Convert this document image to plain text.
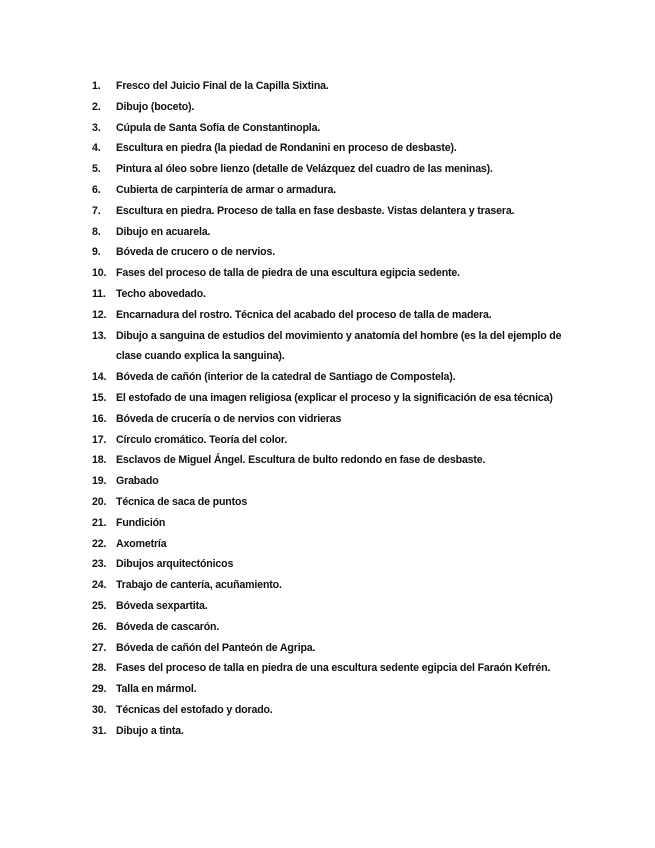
1.	Fresco del Juicio Final de la Capilla Sixtina.
2.	Dibujo (boceto).
3.	Cúpula de Santa Sofía de Constantinopla.
4.	Escultura en piedra (la piedad de Rondanini en proceso de desbaste).
5.	Pintura al óleo sobre lienzo (detalle de Velázquez del cuadro de las meninas).
6.	Cubierta de carpintería de armar o armadura.
7.	Escultura en piedra. Proceso de talla en fase desbaste. Vistas delantera y trasera.
8.	Dibujo en acuarela.
9.	Bóveda de crucero o de nervios.
10. Fases del proceso de talla de piedra de una escultura egipcia sedente.
11. Techo abovedado.
12. Encarnadura del rostro. Técnica del acabado del proceso de talla de madera.
13. Dibujo a sanguina de estudios del movimiento y anatomía del hombre (es la del ejemplo de clase cuando explica la sanguina).
14. Bóveda de cañón (interior de la catedral de Santiago de Compostela).
15. El estofado de una imagen religiosa (explicar el proceso y la significación de esa técnica)
16. Bóveda de crucería o de nervios con vidrieras
17. Círculo cromático. Teoría del color.
18. Esclavos de Miguel Ángel. Escultura de bulto redondo en fase de desbaste.
19. Grabado
20. Técnica de saca de puntos
21. Fundición
22. Axometría
23. Dibujos arquitectónicos
24. Trabajo de cantería, acuñamiento.
25. Bóveda sexpartita.
26. Bóveda de cascarón.
27. Bóveda de cañón del Panteón de Agripa.
28. Fases del proceso de talla en piedra de una escultura sedente egipcia del Faraón Kefrén.
29. Talla en mármol.
30. Técnicas del estofado y dorado.
31. Dibujo a tinta.
